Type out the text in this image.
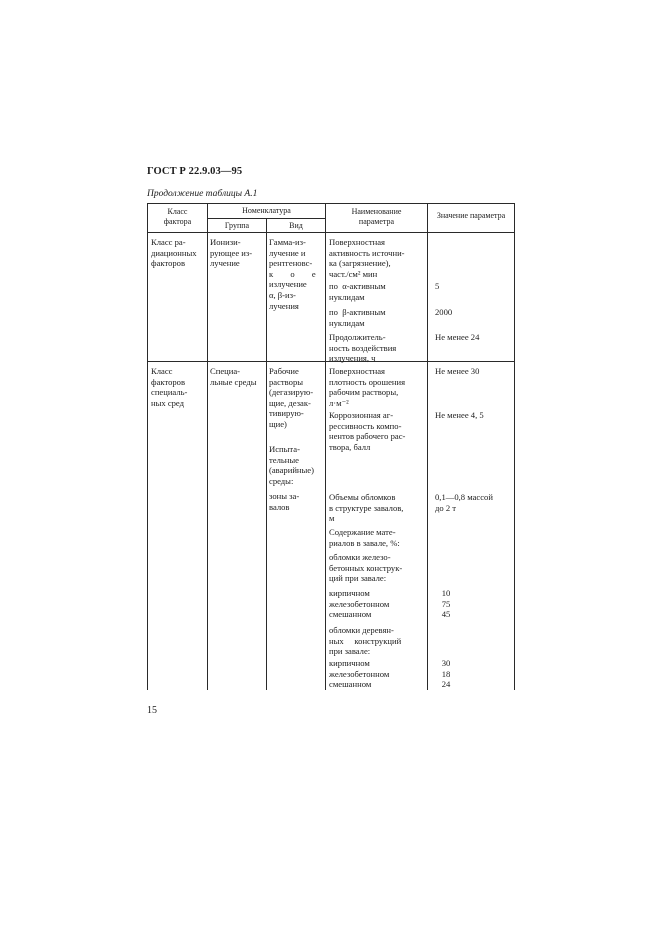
ГОСТ Р 22.9.03—95
Продолжение таблицы А.1
Класс
фактора
Номенклатура
Группа	Вид
Наименование
параметра
Значение параметра
Класс ра-
диационных
факторов
Ионизи-
рующее из-
лучение
Гамма-из-
лучение и
рентгеновс-
к        о        е
излучение
α, β-из-
лучения
Поверхностная
активность источни-
ка (загрязнение),
част./см² мин
по  α-активным
нуклидам
5
по  β-активным
нуклидам
2000
Продолжитель-
ность воздействия
излучения, ч
Не менее 24
Класс
факторов
специаль-
ных сред
Специа-
льные среды
Рабочие
растворы
(дегазирую-
щие, дезак-
тивирую-
щие)
Испыта-
тельные
(аварийные)
среды:
зоны за-
валов
Поверхностная
плотность орошения
рабочим растворы,
л·м⁻²
Не менее 30
Коррозионная аг-
рессивность компо-
нентов рабочего рас-
твора, балл
Не менее 4, 5
Объемы обломков
в структуре завалов,
м
0,1—0,8 массой
до 2 т
Содержание мате-
риалов в завале, %:
обломки железо-
бетонных конструк-
ций при завале:
кирпичном
железобетонном
смешанном
10
75
45
обломки деревян-
ных     конструкций
при завале:
кирпичном
железобетонном
смешанном
30
18
24
15
